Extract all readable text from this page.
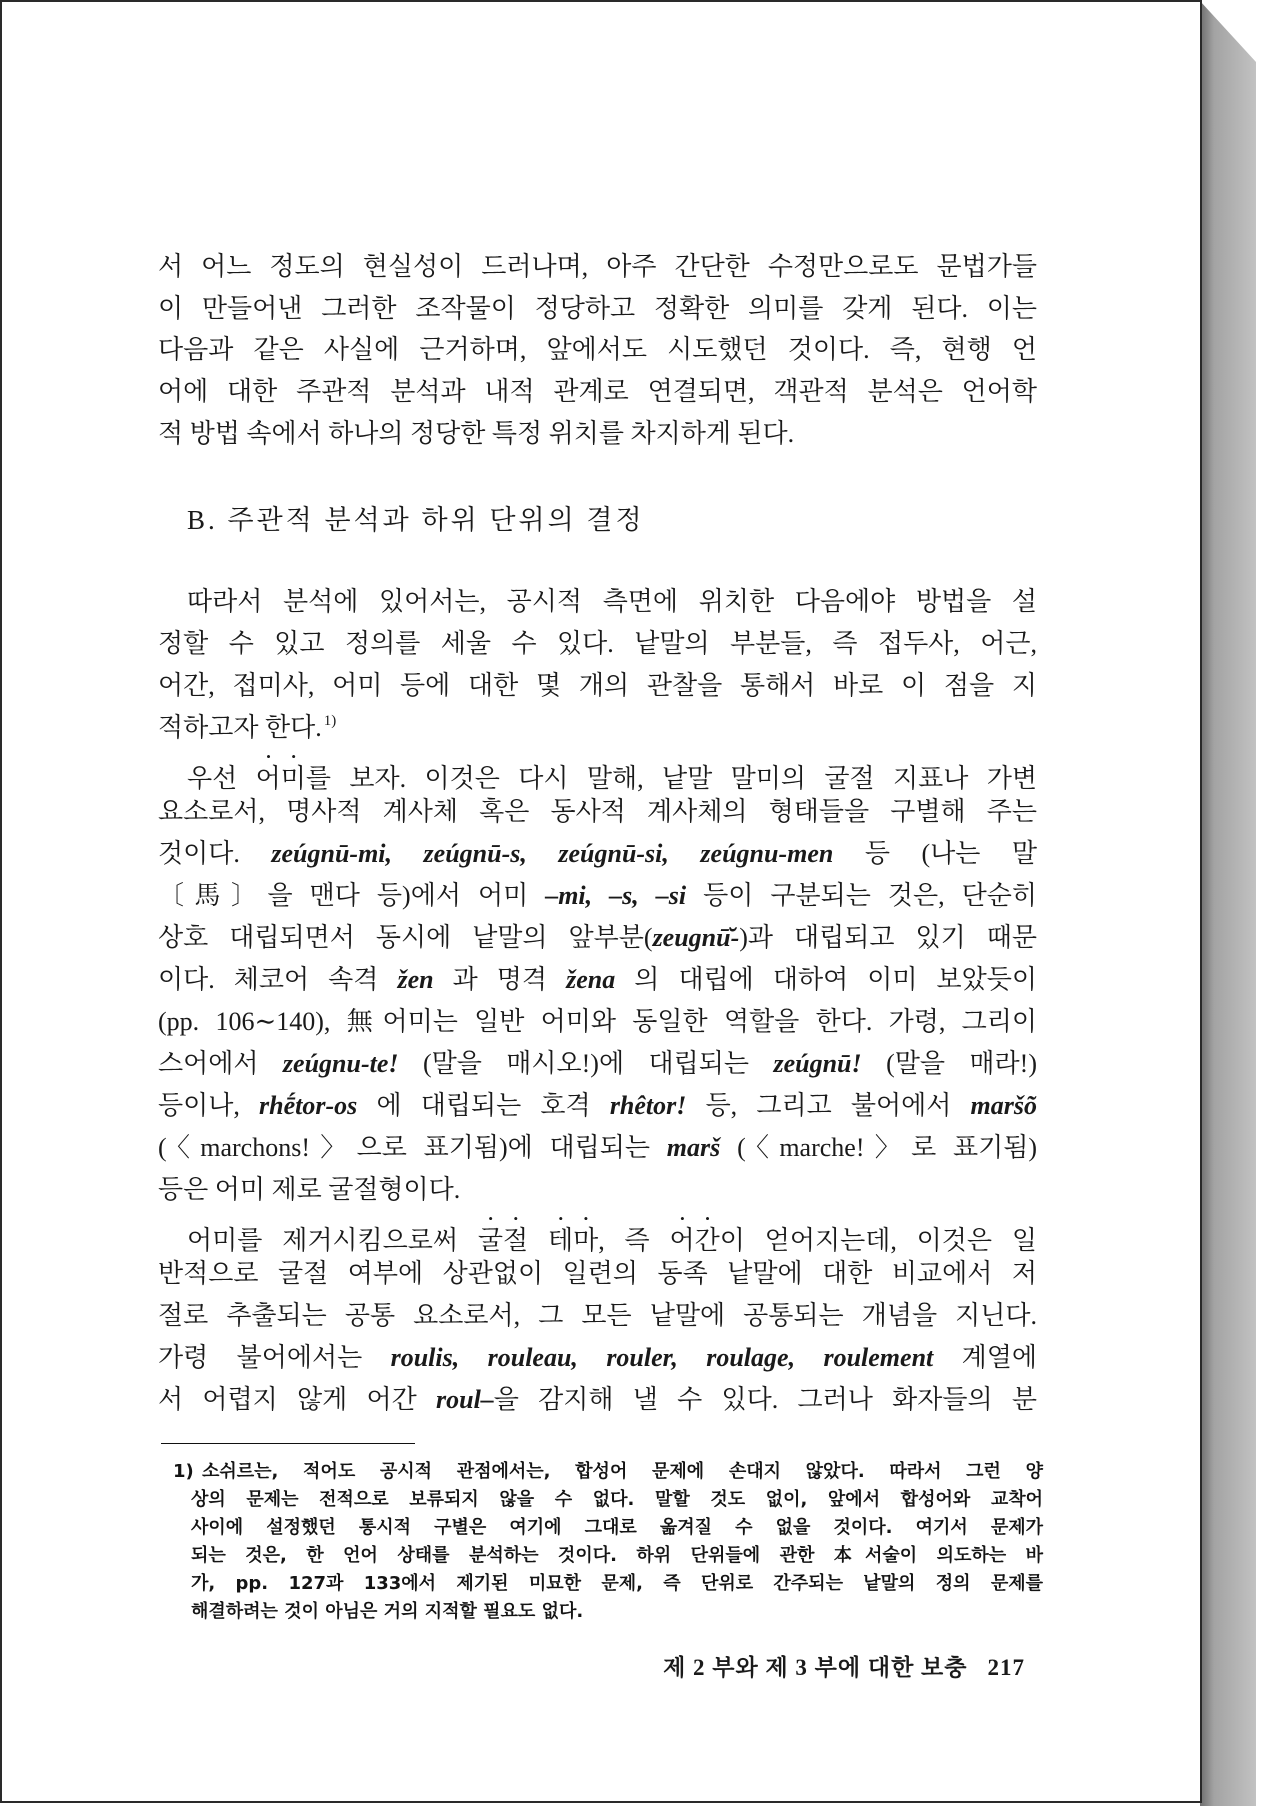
서 어느 정도의 현실성이 드러나며, 아주 간단한 수정만으로도 문법가들
이 만들어낸 그러한 조작물이 정당하고 정확한 의미를 갖게 된다. 이는
다음과 같은 사실에 근거하며, 앞에서도 시도했던 것이다. 즉, 현행 언
어에 대한 주관적 분석과 내적 관계로 연결되면, 객관적 분석은 언어학
적 방법 속에서 하나의 정당한 특정 위치를 차지하게 된다.
B. 주관적 분석과 하위 단위의 결정
따라서 분석에 있어서는, 공시적 측면에 위치한 다음에야 방법을 설
정할 수 있고 정의를 세울 수 있다. 낱말의 부분들, 즉 접두사, 어근,
어간, 접미사, 어미 등에 대한 몇 개의 관찰을 통해서 바로 이 점을 지
적하고자 한다. $^{1)}$
우선 어미를 보자. 이것은 다시 말해, 낱말 말미의 굴절 지표나 가변
요소로서, 명사적 계사체 혹은 동사적 계사체의 형태들을 구별해 주는
것이다. zeúgnū-mi, zeúgnū-s, zeúgnū-si, zeúgnu-men 등 (나는 말
〔馬〕을 맨다 등)에서 어미 –mi, –s, –si 등이 구분되는 것은, 단순히
상호 대립되면서 동시에 낱말의 앞부분(zeugnū̆-)과 대립되고 있기 때문
이다. 체코어 속격 žen 과 명격 žena 의 대립에 대하여 이미 보았듯이
(pp. 106∼140), 無어미는 일반 어미와 동일한 역할을 한다. 가령, 그리이
스어에서 zeúgnu-te! (말을 매시오!)에 대립되는 zeúgnū! (말을 매라!)
등이나, rhḗtor-os 에 대립되는 호격 rhêtor! 등, 그리고 불어에서 maršõ
(〈marchons!〉으로 표기됨)에 대립되는 marš (〈marche!〉로 표기됨)
등은 어미 제로 굴절형이다.
어미를 제거시킴으로써 굴절 테마, 즉 어간이 얻어지는데, 이것은 일
반적으로 굴절 여부에 상관없이 일련의 동족 낱말에 대한 비교에서 저
절로 추출되는 공통 요소로서, 그 모든 낱말에 공통되는 개념을 지닌다.
가령 불어에서는 roulis, rouleau, rouler, roulage, roulement 계열에
서 어렵지 않게 어간 roul–을 감지해 낼 수 있다. 그러나 화자들의 분
1) 소쉬르는, 적어도 공시적 관점에서는, 합성어 문제에 손대지 않았다. 따라서 그런 양
상의 문제는 전적으로 보류되지 않을 수 없다. 말할 것도 없이, 앞에서 합성어와 교착어
사이에 설정했던 통시적 구별은 여기에 그대로 옮겨질 수 없을 것이다. 여기서 문제가
되는 것은, 한 언어 상태를 분석하는 것이다. 하위 단위들에 관한 本서술이 의도하는 바
가, pp. 127과 133에서 제기된 미묘한 문제, 즉 단위로 간주되는 낱말의 정의 문제를
해결하려는 것이 아님은 거의 지적할 필요도 없다.
제 2 부와 제 3 부에 대한 보충 217
